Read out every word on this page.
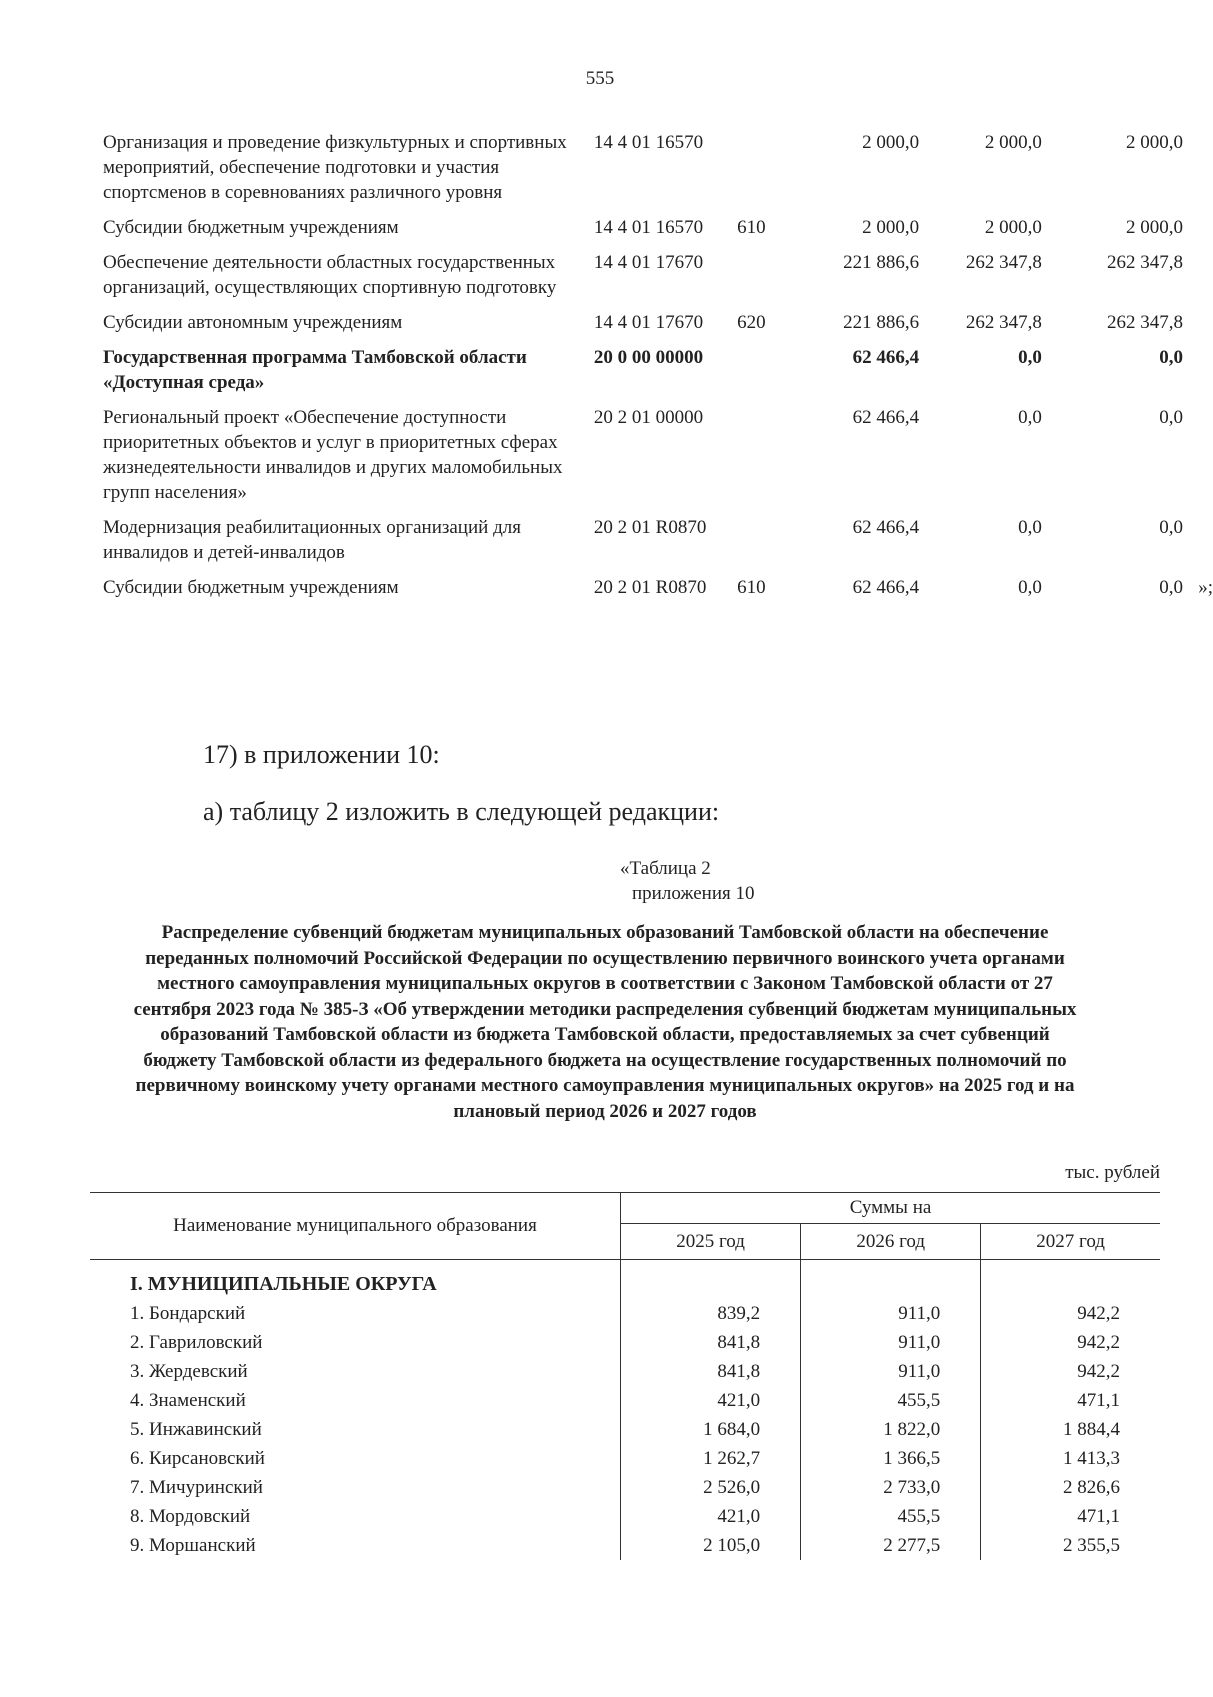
555
Организация и проведение физкультурных и спортивных мероприятий, обеспечение подготовки и участия спортсменов в соревнованиях различного уровня	14 4 01 16570		2 000,0	2 000,0	2 000,0
Субсидии бюджетным учреждениям	14 4 01 16570	610	2 000,0	2 000,0	2 000,0
Обеспечение деятельности областных государственных организаций, осуществляющих спортивную подготовку	14 4 01 17670		221 886,6	262 347,8	262 347,8
Субсидии автономным учреждениям	14 4 01 17670	620	221 886,6	262 347,8	262 347,8
Государственная программа Тамбовской области «Доступная среда»	20 0 00 00000		62 466,4	0,0	0,0
Региональный проект «Обеспечение доступности приоритетных объектов и услуг в приоритетных сферах жизнедеятельности инвалидов и других маломобильных групп населения»	20 2 01 00000		62 466,4	0,0	0,0
Модернизация реабилитационных организаций для инвалидов и детей-инвалидов	20 2 01 R0870		62 466,4	0,0	0,0
Субсидии бюджетным учреждениям	20 2 01 R0870	610	62 466,4	0,0	0,0 »;
17) в приложении 10:
а) таблицу 2 изложить в следующей редакции:
«Таблица 2
приложения 10
Распределение субвенций бюджетам муниципальных образований Тамбовской области на обеспечение переданных полномочий Российской Федерации по осуществлению первичного воинского учета органами местного самоуправления муниципальных округов в соответствии с Законом Тамбовской области от 27 сентября 2023 года № 385-З «Об утверждении методики распределения субвенций бюджетам муниципальных образований Тамбовской области из бюджета Тамбовской области, предоставляемых за счет субвенций бюджету Тамбовской области из федерального бюджета на осуществление государственных полномочий по первичному воинскому учету органами местного самоуправления муниципальных округов» на 2025 год и на плановый период 2026 и 2027 годов
тыс. рублей
Наименование муниципального образования	Суммы на		
	2025 год	2026 год	2027 год
I. МУНИЦИПАЛЬНЫЕ ОКРУГА			
1. Бондарский	839,2	911,0	942,2
2. Гавриловский	841,8	911,0	942,2
3. Жердевский	841,8	911,0	942,2
4. Знаменский	421,0	455,5	471,1
5. Инжавинский	1 684,0	1 822,0	1 884,4
6. Кирсановский	1 262,7	1 366,5	1 413,3
7. Мичуринский	2 526,0	2 733,0	2 826,6
8. Мордовский	421,0	455,5	471,1
9. Моршанский	2 105,0	2 277,5	2 355,5
